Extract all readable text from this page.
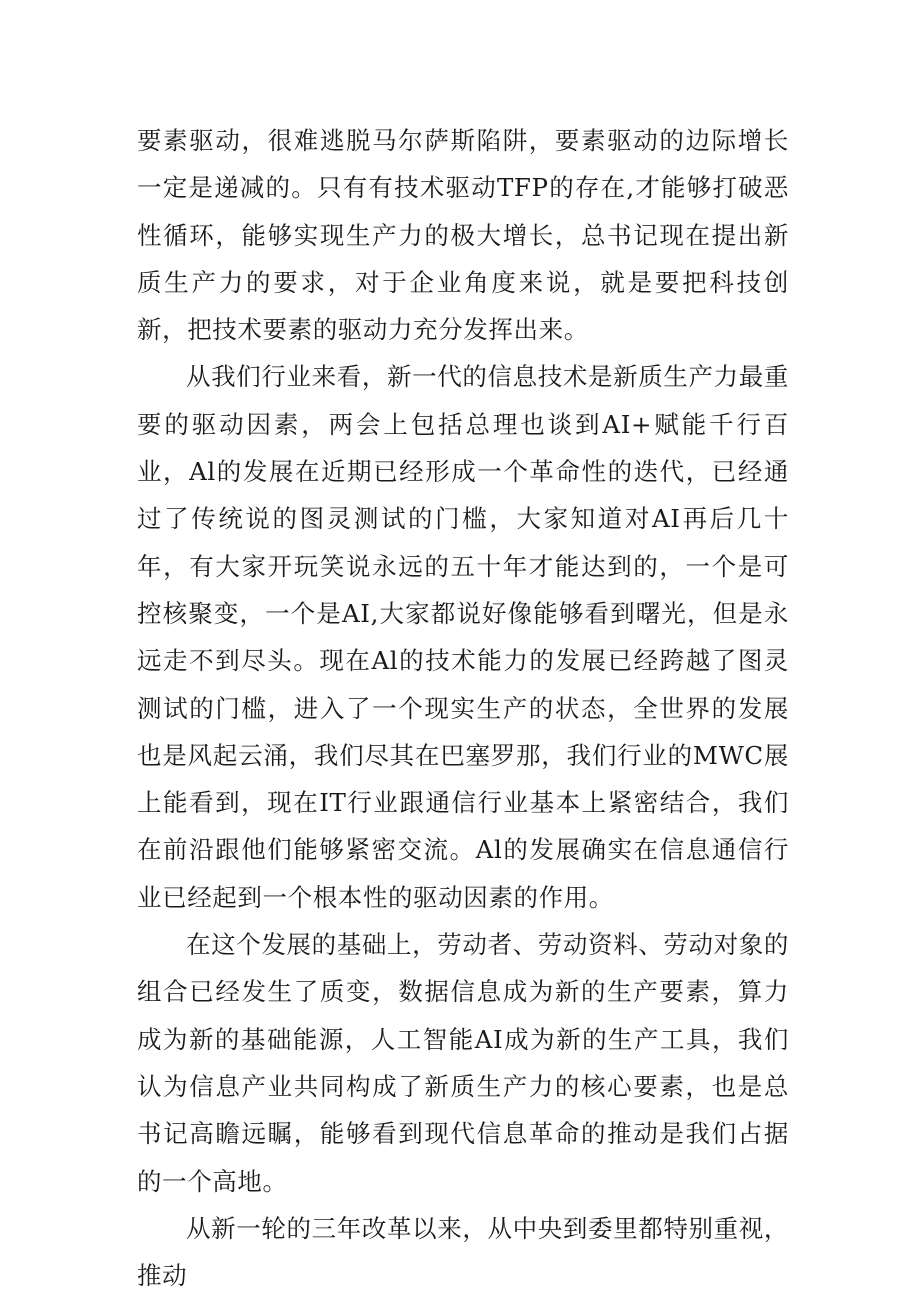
要素驱动，很难逃脱马尔萨斯陷阱，要素驱动的边际增长一定是递减的。只有有技术驱动TFP的存在,才能够打破恶性循环，能够实现生产力的极大增长，总书记现在提出新质生产力的要求，对于企业角度来说，就是要把科技创新，把技术要素的驱动力充分发挥出来。

从我们行业来看，新一代的信息技术是新质生产力最重要的驱动因素，两会上包括总理也谈到AI+赋能千行百业，Al的发展在近期已经形成一个革命性的迭代，已经通过了传统说的图灵测试的门槛，大家知道对AI再后几十年，有大家开玩笑说永远的五十年才能达到的，一个是可控核聚变，一个是AI,大家都说好像能够看到曙光，但是永远走不到尽头。现在Al的技术能力的发展已经跨越了图灵测试的门槛，进入了一个现实生产的状态，全世界的发展也是风起云涌，我们尽其在巴塞罗那，我们行业的MWC展上能看到，现在IT行业跟通信行业基本上紧密结合，我们在前沿跟他们能够紧密交流。Al的发展确实在信息通信行业已经起到一个根本性的驱动因素的作用。

在这个发展的基础上，劳动者、劳动资料、劳动对象的组合已经发生了质变，数据信息成为新的生产要素，算力成为新的基础能源，人工智能AI成为新的生产工具，我们认为信息产业共同构成了新质生产力的核心要素，也是总书记高瞻远瞩，能够看到现代信息革命的推动是我们占据的一个高地。

从新一轮的三年改革以来，从中央到委里都特别重视，推动
